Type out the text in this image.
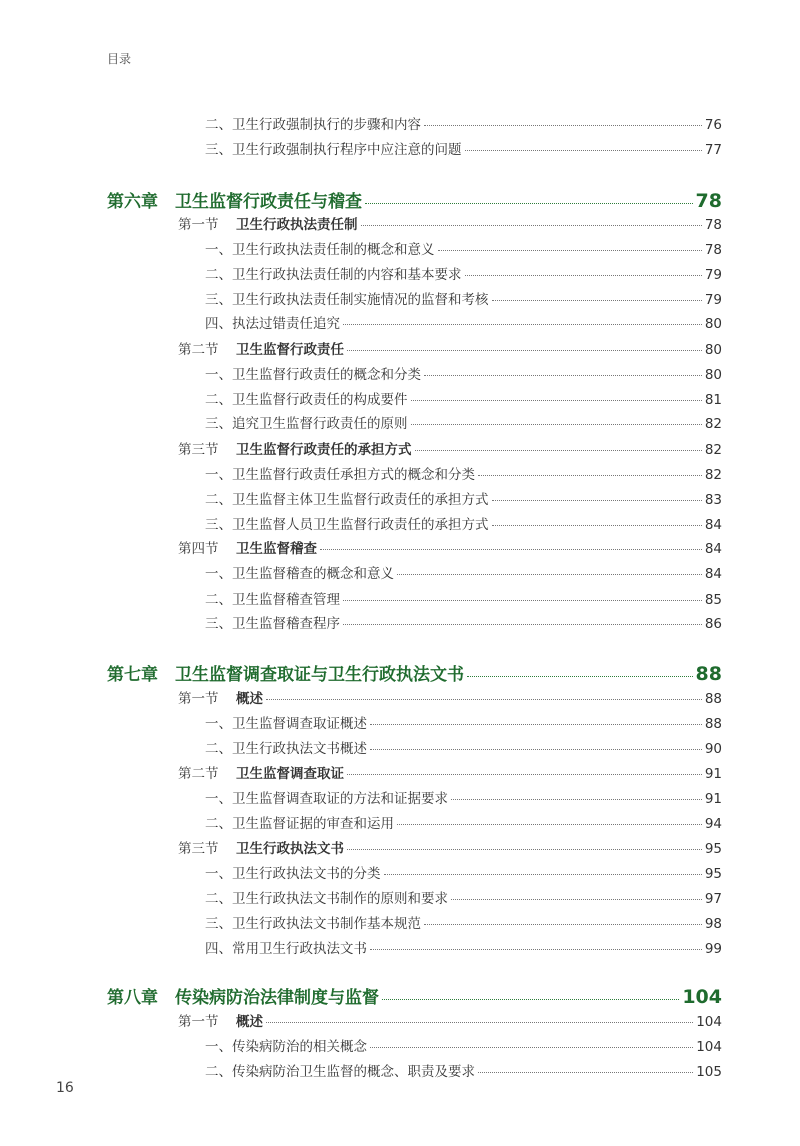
目录
二、卫生行政强制执行的步骤和内容	76
三、卫生行政强制执行程序中应注意的问题	77
第六章	卫生监督行政责任与稽查	78
第一节	卫生行政执法责任制	78
一、卫生行政执法责任制的概念和意义	78
二、卫生行政执法责任制的内容和基本要求	79
三、卫生行政执法责任制实施情况的监督和考核	79
四、执法过错责任追究	80
第二节	卫生监督行政责任	80
一、卫生监督行政责任的概念和分类	80
二、卫生监督行政责任的构成要件	81
三、追究卫生监督行政责任的原则	82
第三节	卫生监督行政责任的承担方式	82
一、卫生监督行政责任承担方式的概念和分类	82
二、卫生监督主体卫生监督行政责任的承担方式	83
三、卫生监督人员卫生监督行政责任的承担方式	84
第四节	卫生监督稽查	84
一、卫生监督稽查的概念和意义	84
二、卫生监督稽查管理	85
三、卫生监督稽查程序	86
第七章	卫生监督调查取证与卫生行政执法文书	88
第一节	概述	88
一、卫生监督调查取证概述	88
二、卫生行政执法文书概述	90
第二节	卫生监督调查取证	91
一、卫生监督调查取证的方法和证据要求	91
二、卫生监督证据的审查和运用	94
第三节	卫生行政执法文书	95
一、卫生行政执法文书的分类	95
二、卫生行政执法文书制作的原则和要求	97
三、卫生行政执法文书制作基本规范	98
四、常用卫生行政执法文书	99
第八章	传染病防治法律制度与监督	104
第一节	概述	104
一、传染病防治的相关概念	104
二、传染病防治卫生监督的概念、职责及要求	105
16
